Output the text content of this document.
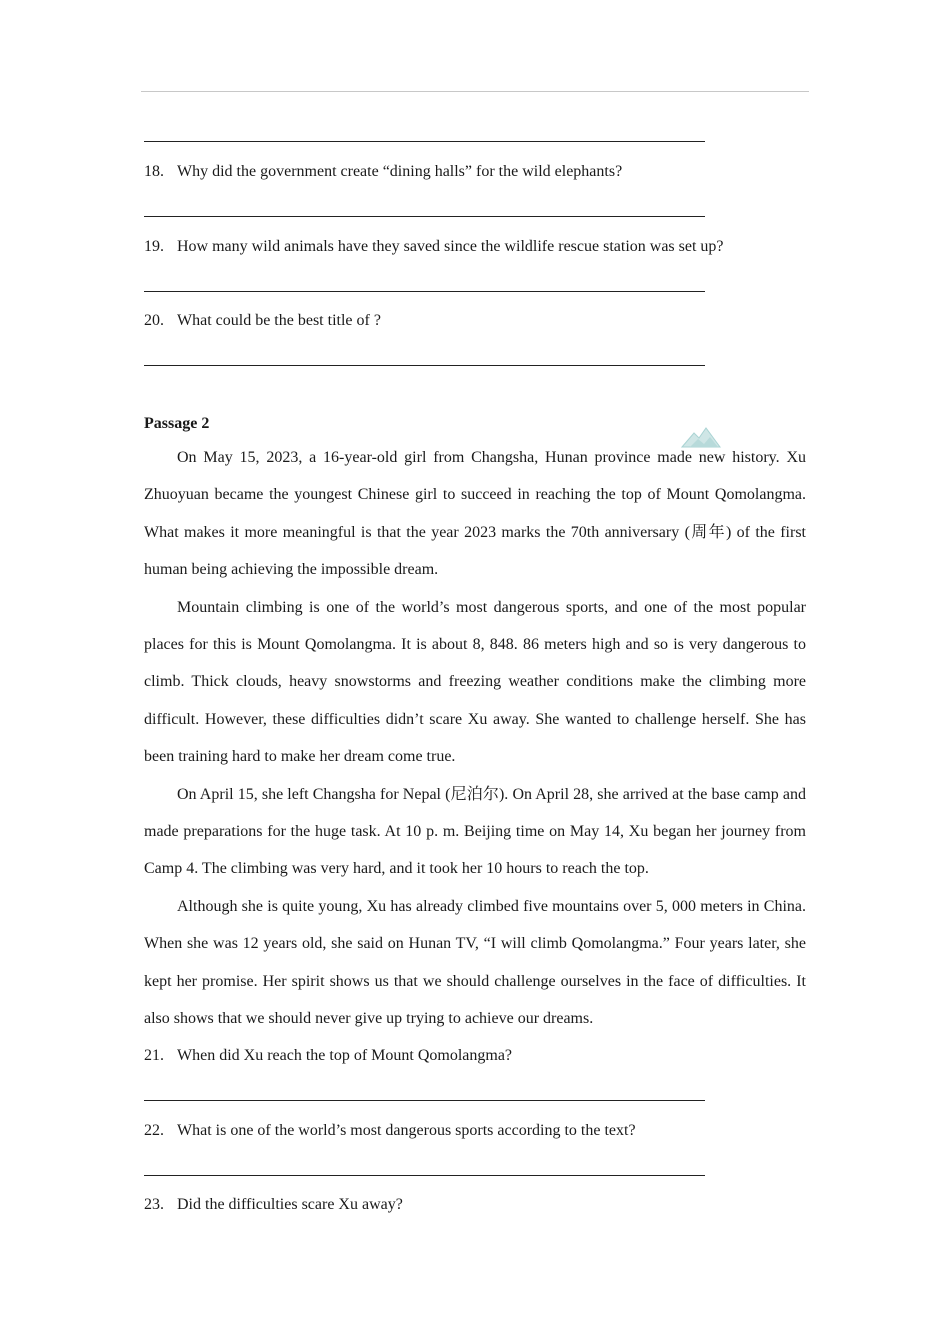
18. Why did the government create “dining halls” for the wild elephants?
19. How many wild animals have they saved since the wildlife rescue station was set up?
20. What could be the best title of ?
Passage 2

On May 15, 2023, a 16-year-old girl from Changsha, Hunan province made new history. Xu Zhuoyuan became the youngest Chinese girl to succeed in reaching the top of Mount Qomolangma. What makes it more meaningful is that the year 2023 marks the 70th anniversary (周年) of the first human being achieving the impossible dream.

Mountain climbing is one of the world’s most dangerous sports, and one of the most popular places for this is Mount Qomolangma. It is about 8, 848. 86 meters high and so is very dangerous to climb. Thick clouds, heavy snowstorms and freezing weather conditions make the climbing more difficult. However, these difficulties didn’t scare Xu away. She wanted to challenge herself. She has been training hard to make her dream come true.

On April 15, she left Changsha for Nepal (尼泊尔). On April 28, she arrived at the base camp and made preparations for the huge task. At 10 p. m. Beijing time on May 14, Xu began her journey from Camp 4. The climbing was very hard, and it took her 10 hours to reach the top.

Although she is quite young, Xu has already climbed five mountains over 5, 000 meters in China. When she was 12 years old, she said on Hunan TV, “I will climb Qomolangma.” Four years later, she kept her promise. Her spirit shows us that we should challenge ourselves in the face of difficulties. It also shows that we should never give up trying to achieve our dreams.

21. When did Xu reach the top of Mount Qomolangma?
22. What is one of the world’s most dangerous sports according to the text?
23. Did the difficulties scare Xu away?
